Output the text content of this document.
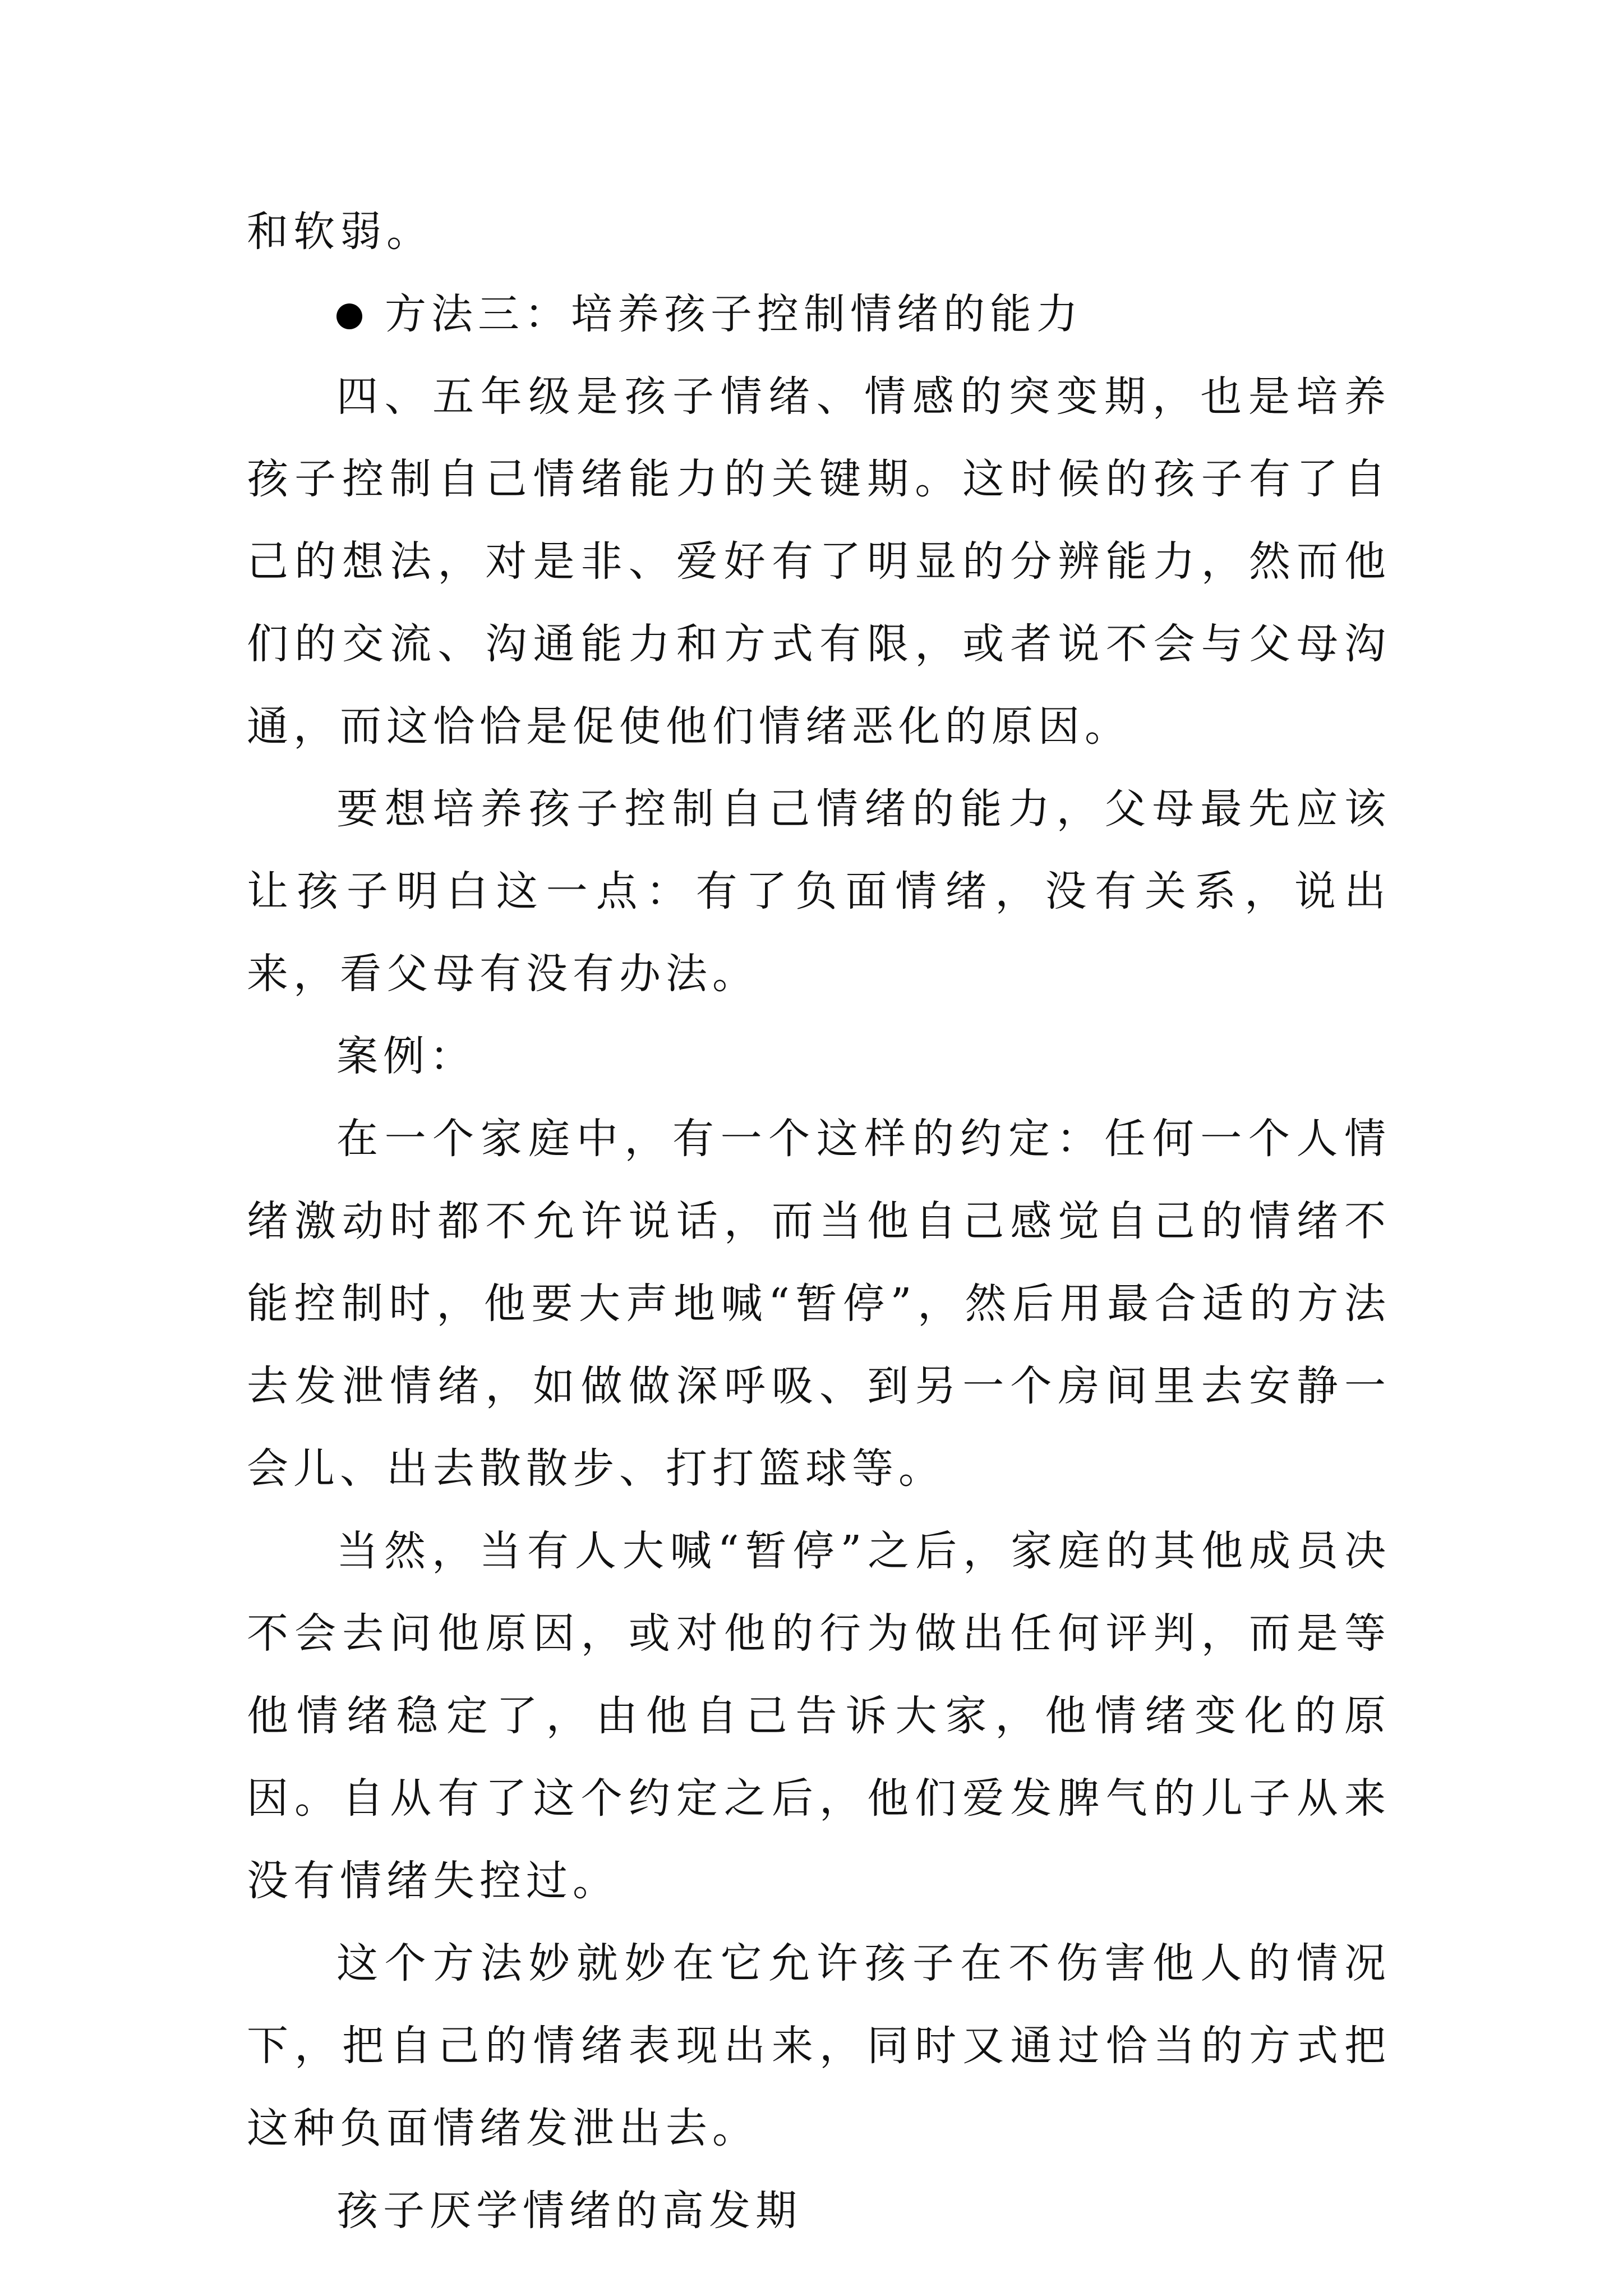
和软弱。

方法三：培养孩子控制情绪的能力

四、五年级是孩子情绪、情感的突变期，也是培养孩子控制自己情绪能力的关键期。这时候的孩子有了自己的想法，对是非、爱好有了明显的分辨能力，然而他们的交流、沟通能力和方式有限，或者说不会与父母沟通，而这恰恰是促使他们情绪恶化的原因。

要想培养孩子控制自己情绪的能力，父母最先应该让孩子明白这一点：有了负面情绪，没有关系，说出来，看父母有没有办法。

案例：

在一个家庭中，有一个这样的约定：任何一个人情绪激动时都不允许说话，而当他自己感觉自己的情绪不能控制时，他要大声地喊“暂停”，然后用最合适的方法去发泄情绪，如做做深呼吸、到另一个房间里去安静一会儿、出去散散步、打打篮球等。

当然，当有人大喊“暂停”之后，家庭的其他成员决不会去问他原因，或对他的行为做出任何评判，而是等他情绪稳定了，由他自己告诉大家，他情绪变化的原因。自从有了这个约定之后，他们爱发脾气的儿子从来没有情绪失控过。

这个方法妙就妙在它允许孩子在不伤害他人的情况下，把自己的情绪表现出来，同时又通过恰当的方式把这种负面情绪发泄出去。

孩子厌学情绪的高发期
